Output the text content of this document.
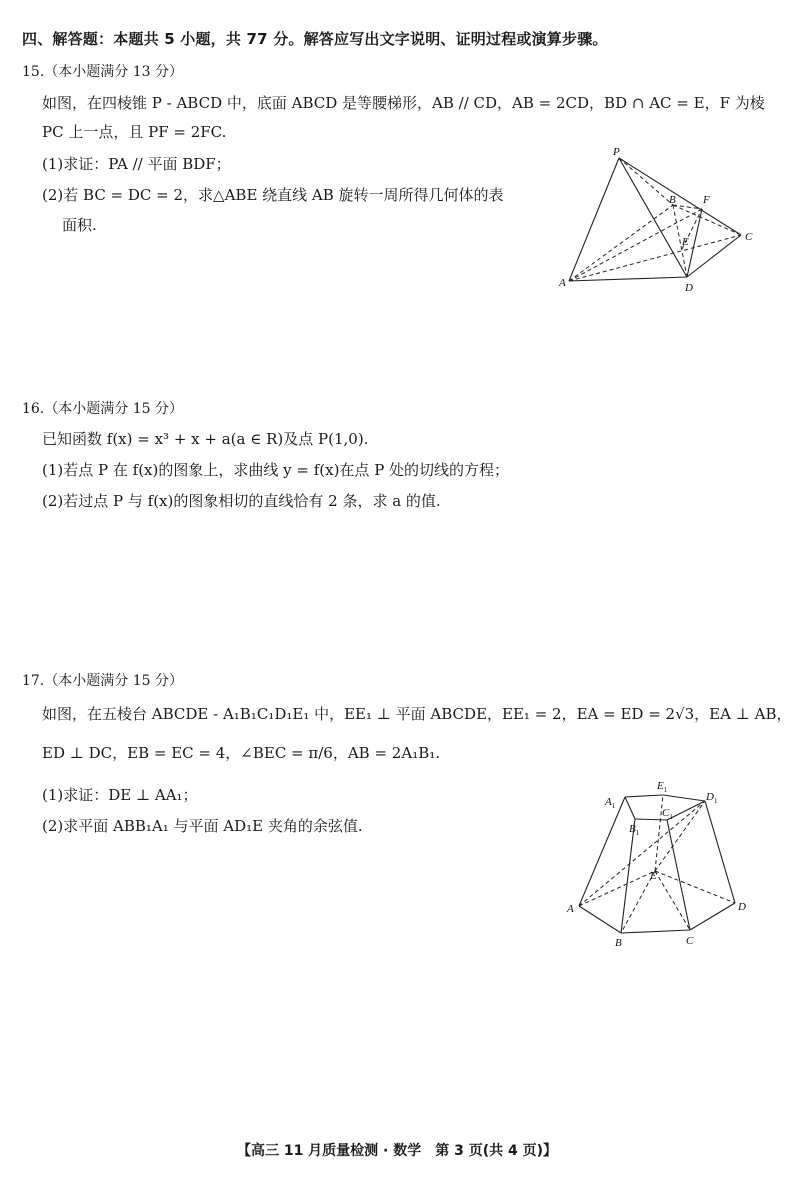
四、解答题：本题共 5 小题，共 77 分。解答应写出文字说明、证明过程或演算步骤。
15.（本小题满分 13 分）
如图，在四棱锥 P - ABCD 中，底面 ABCD 是等腰梯形，AB // CD，AB = 2CD，BD ∩ AC = E，F 为棱
PC 上一点，且 PF = 2FC.
(1)求证：PA // 平面 BDF；
(2)若 BC = DC = 2，求△ABE 绕直线 AB 旋转一周所得几何体的表
面积.
P
B F
E	C
A	D
16.（本小题满分 15 分）
已知函数 f(x) = x³ + x + a(a ∈ R)及点 P(1,0).
(1)若点 P 在 f(x)的图象上，求曲线 y = f(x)在点 P 处的切线的方程；
(2)若过点 P 与 f(x)的图象相切的直线恰有 2 条，求 a 的值.
17.（本小题满分 15 分）
如图，在五棱台 ABCDE - A₁B₁C₁D₁E₁ 中，EE₁ ⊥ 平面 ABCDE，EE₁ = 2，EA = ED = 2√3，EA ⊥ AB，
ED ⊥ DC，EB = EC = 4，∠BEC = π/6，AB = 2A₁B₁.
(1)求证：DE ⊥ AA₁；
(2)求平面 ABB₁A₁ 与平面 AD₁E 夹角的余弦值.
$E_1$
$A_1$
$C_1$
$D_1$
$B_1$
E
A	D
B	C
【高三 11 月质量检测 · 数学　第 3 页(共 4 页)】
